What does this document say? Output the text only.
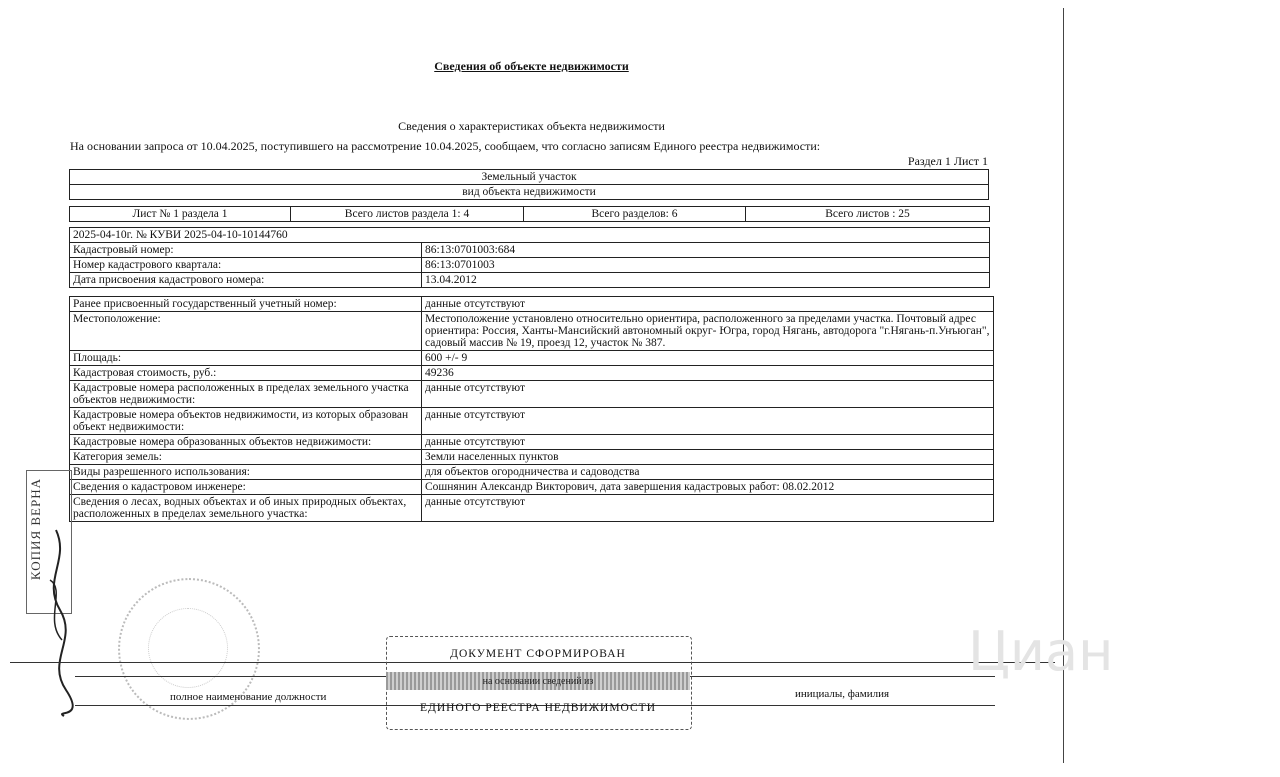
Сведения об объекте недвижимости
Сведения о характеристиках объекта недвижимости
На основании запроса от 10.04.2025, поступившего на рассмотрение 10.04.2025, сообщаем, что согласно записям Единого реестра недвижимости:
Раздел 1 Лист 1
Земельный участок
вид объекта недвижимости
Лист № 1 раздела 1	Всего листов раздела 1: 4	Всего разделов: 6	Всего листов : 25
2025-04-10г. № КУВИ 2025-04-10-10144760	
Кадастровый номер:	86:13:0701003:684
Номер кадастрового квартала:	86:13:0701003
Дата присвоения кадастрового номера:	13.04.2012
Ранее присвоенный государственный учетный номер:	данные отсутствуют
Местоположение:	Местоположение установлено относительно ориентира, расположенного за пределами участка. Почтовый адрес ориентира: Россия, Ханты-Мансийский автономный округ- Югра, город Нягань, автодорога "г.Нягань-п.Унъюган", садовый массив № 19, проезд 12, участок № 387.
Площадь:	600 +/- 9
Кадастровая стоимость, руб.:	49236
Кадастровые номера расположенных в пределах земельного участка объектов недвижимости:	данные отсутствуют
Кадастровые номера объектов недвижимости, из которых образован объект недвижимости:	данные отсутствуют
Кадастровые номера образованных объектов недвижимости:	данные отсутствуют
Категория земель:	Земли населенных пунктов
Виды разрешенного использования:	для объектов огородничества и садоводства
Сведения о кадастровом инженере:	Сошнянин Александр Викторович, дата завершения кадастровых работ: 08.02.2012
Сведения о лесах, водных объектах и об иных природных объектах, расположенных в пределах земельного участка:	данные отсутствуют
КОПИЯ ВЕРНА
полное наименование должности	инициалы, фамилия
ДОКУМЕНТ СФОРМИРОВАН
на основании сведений из
ЕДИНОГО РЕЕСТРА НЕДВИЖИМОСТИ
Циан
